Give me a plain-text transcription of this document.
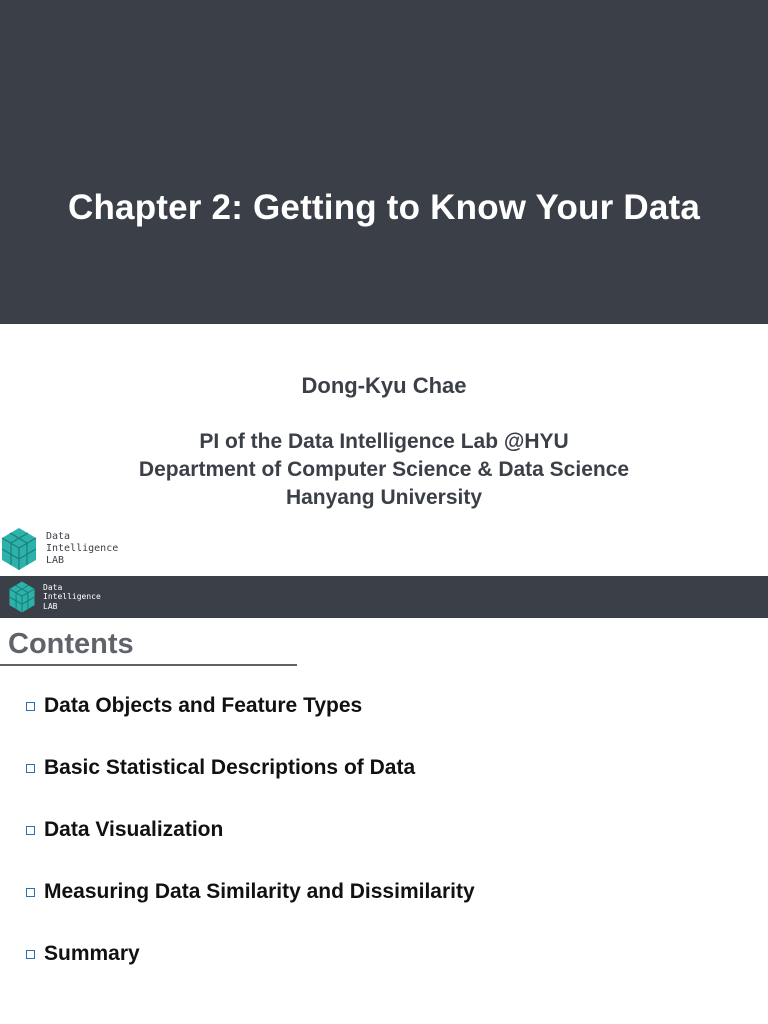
Chapter 2: Getting to Know Your Data
Dong-Kyu Chae
PI of the Data Intelligence Lab @HYU
Department of Computer Science & Data Science
Hanyang University
Data
Intelligence
LAB
Data
Intelligence
LAB
Contents
Data Objects and Feature Types
Basic Statistical Descriptions of Data
Data Visualization
Measuring Data Similarity and Dissimilarity
Summary
